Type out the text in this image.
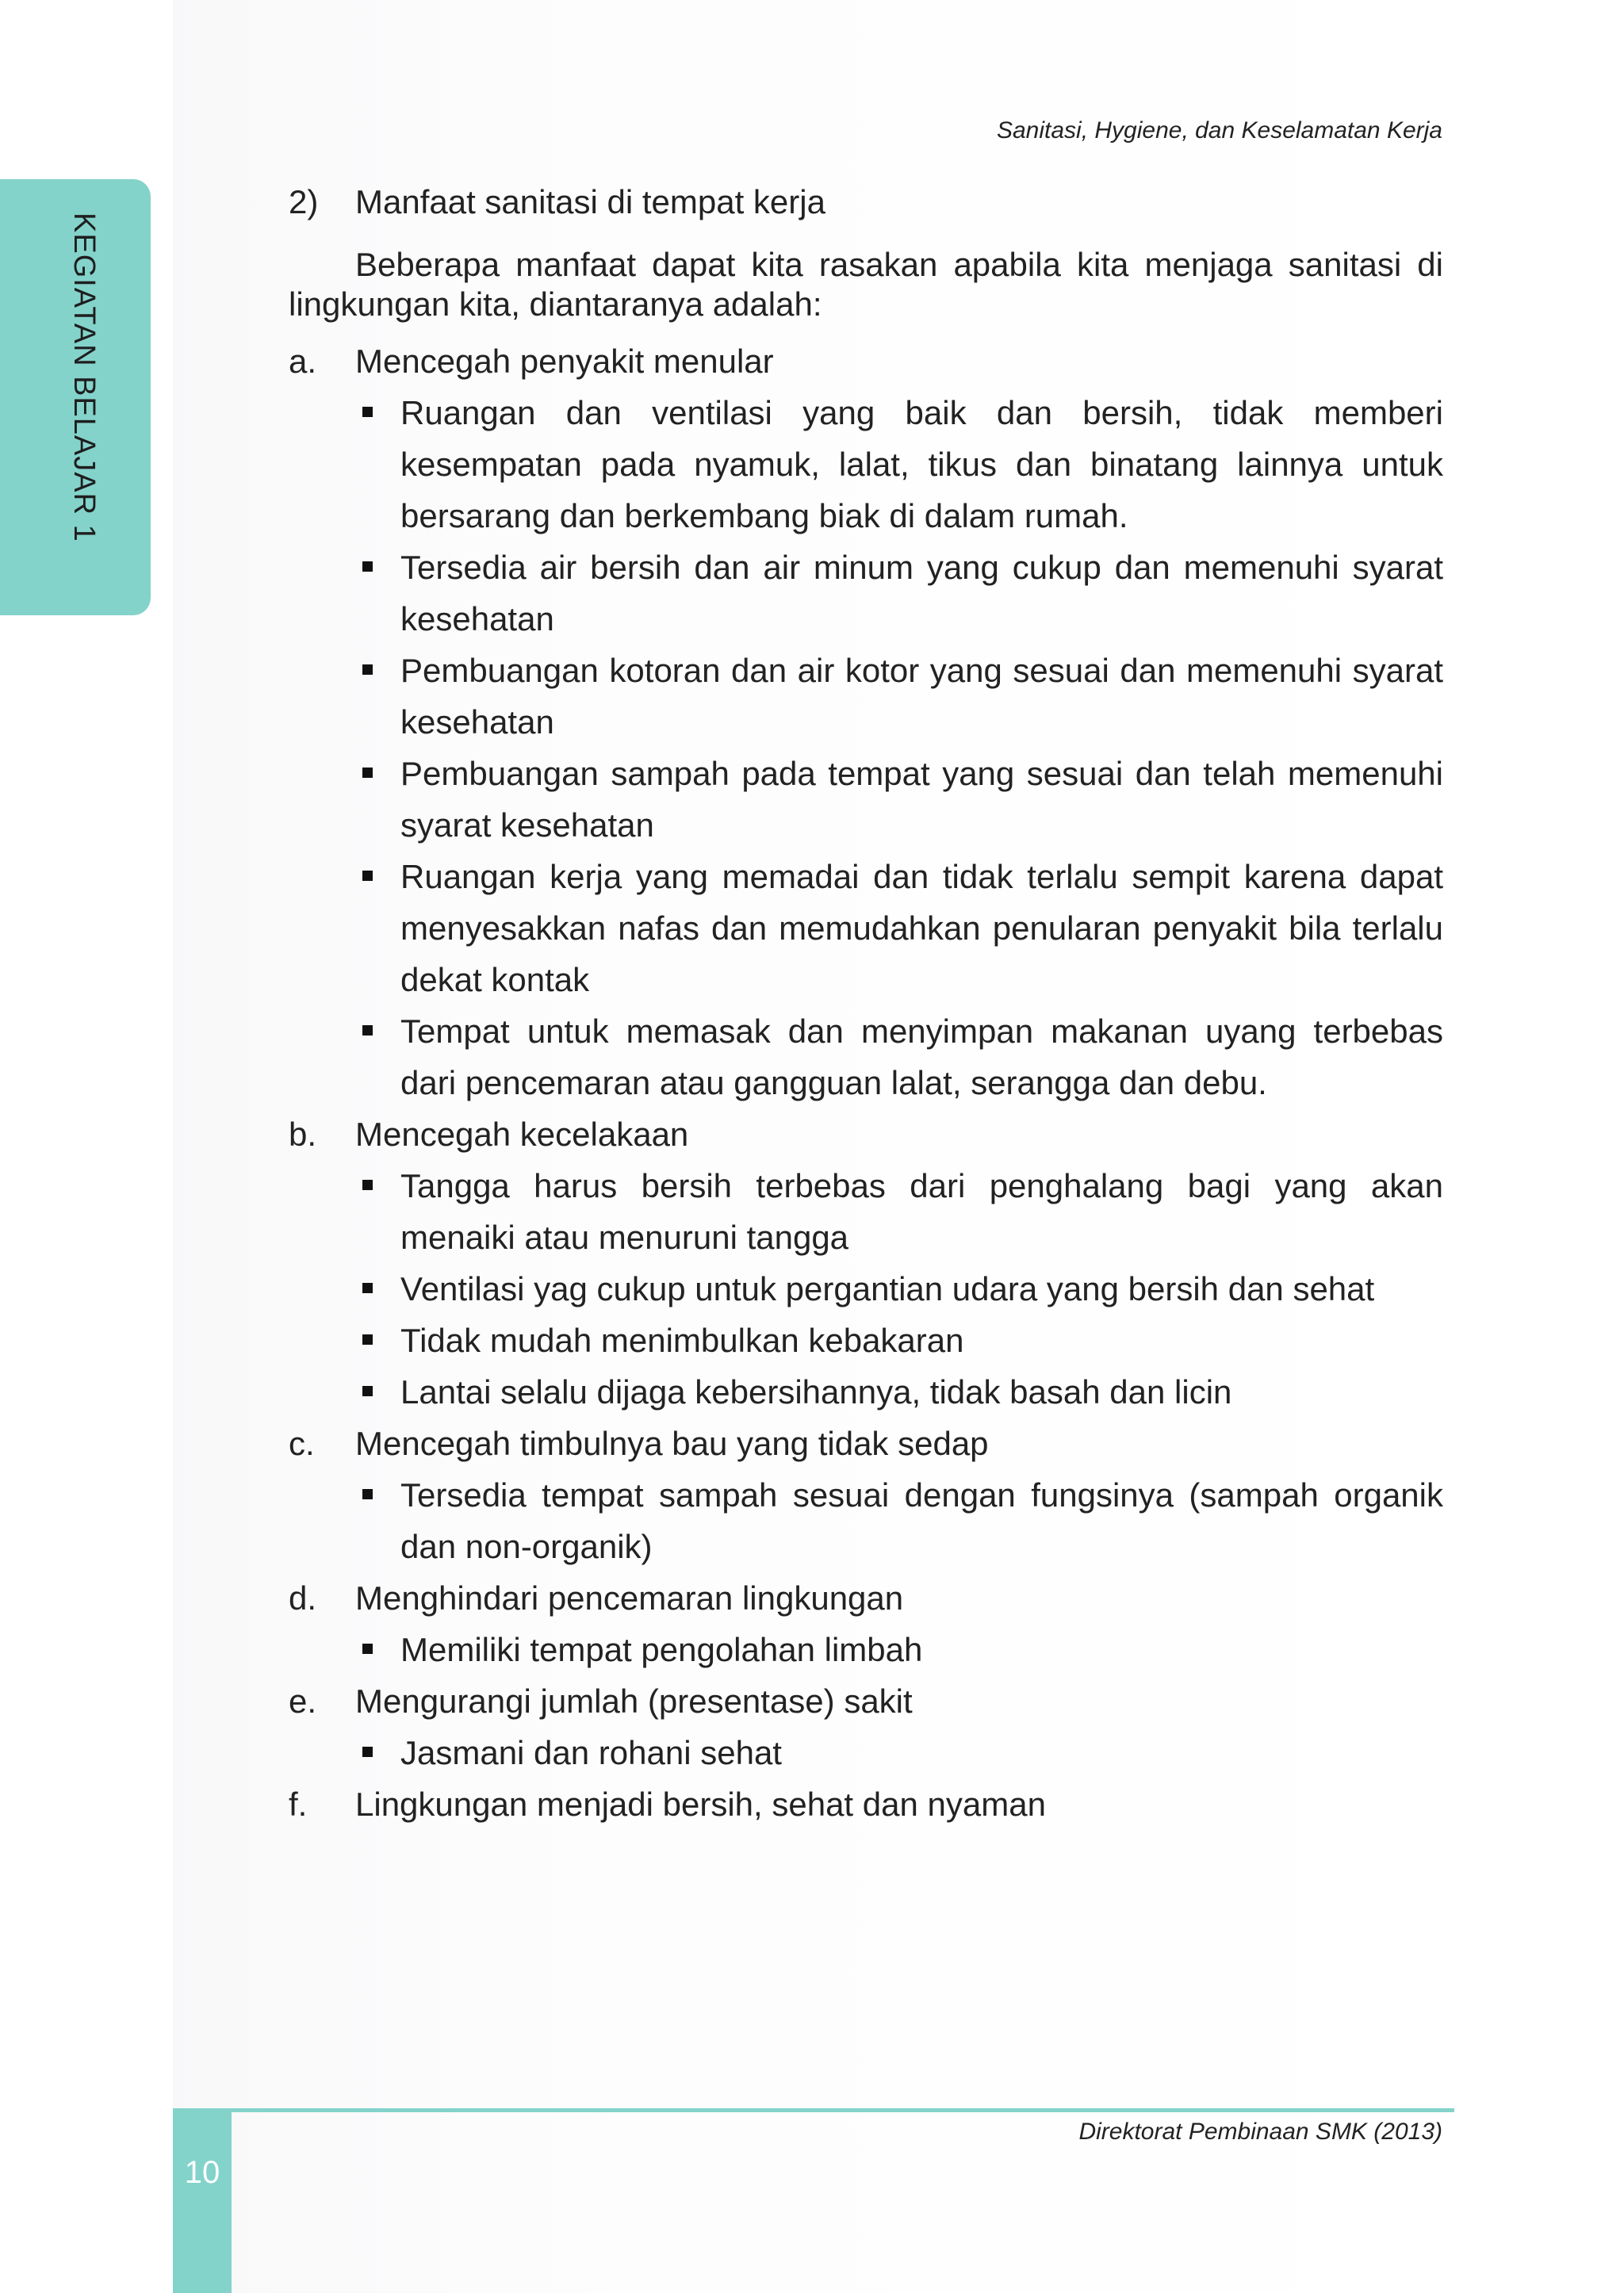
Sanitasi, Hygiene, dan Keselamatan Kerja
KEGIATAN BELAJAR 1
2) Manfaat sanitasi di tempat kerja
Beberapa manfaat dapat kita rasakan apabila kita menjaga sanitasi di lingkungan kita, diantaranya adalah:
a. Mencegah penyakit menular
Ruangan dan ventilasi yang baik dan bersih, tidak memberi kesempatan pada nyamuk, lalat, tikus dan binatang lainnya untuk bersarang dan berkembang biak di dalam rumah.
Tersedia air bersih dan air minum yang cukup dan memenuhi syarat kesehatan
Pembuangan kotoran dan air kotor yang sesuai dan memenuhi syarat kesehatan
Pembuangan sampah pada tempat yang sesuai dan telah memenuhi syarat kesehatan
Ruangan kerja yang memadai dan tidak terlalu sempit karena dapat menyesakkan nafas dan memudahkan penularan penyakit bila terlalu dekat kontak
Tempat untuk memasak dan menyimpan makanan uyang terbebas dari pencemaran atau gangguan lalat, serangga dan debu.
b. Mencegah kecelakaan
Tangga harus bersih terbebas dari penghalang bagi yang akan menaiki atau menuruni tangga
Ventilasi yag cukup untuk pergantian udara yang bersih dan sehat
Tidak mudah menimbulkan kebakaran
Lantai selalu dijaga kebersihannya, tidak basah dan licin
c. Mencegah timbulnya bau yang tidak sedap
Tersedia tempat sampah sesuai dengan fungsinya (sampah organik dan non-organik)
d. Menghindari pencemaran lingkungan
Memiliki tempat pengolahan limbah
e. Mengurangi jumlah (presentase) sakit
Jasmani dan rohani sehat
f. Lingkungan menjadi bersih, sehat dan nyaman
10
Direktorat Pembinaan SMK (2013)
